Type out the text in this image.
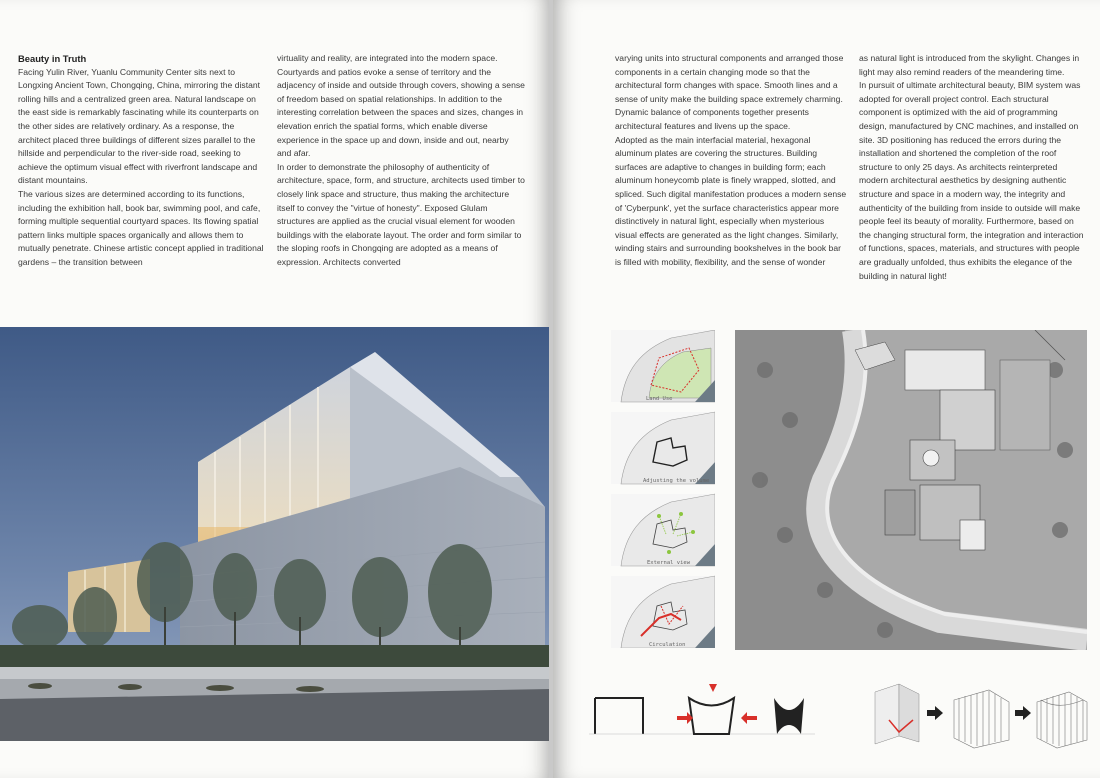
Beauty in Truth

Facing Yulin River, Yuanlu Community Center sits next to Longxing Ancient Town, Chongqing, China, mirroring the distant rolling hills and a centralized green area. Natural landscape on the east side is remarkably fascinating while its counterparts on the other sides are relatively ordinary. As a response, the architect placed three buildings of different sizes parallel to the hillside and perpendicular to the river-side road, seeking to achieve the optimum visual effect with riverfront landscape and distant mountains.

The various sizes are determined according to its functions, including the exhibition hall, book bar, swimming pool, and cafe, forming multiple sequential courtyard spaces. Its flowing spatial pattern links multiple spaces organically and allows them to mutually penetrate. Chinese artistic concept applied in traditional gardens – the transition between

virtuality and reality, are integrated into the modern space. Courtyards and patios evoke a sense of territory and the adjacency of inside and outside through covers, showing a sense of freedom based on spatial relationships. In addition to the interesting correlation between the spaces and sizes, changes in elevation enrich the spatial forms, which enable diverse experience in the space up and down, inside and out, nearby and afar.

In order to demonstrate the philosophy of authenticity of architecture, space, form, and structure, architects used timber to closely link space and structure, thus making the architecture itself to convey the "virtue of honesty". Exposed Glulam structures are applied as the crucial visual element for wooden buildings with the elaborate layout. The order and form similar to the sloping roofs in Chongqing are adopted as a means of expression. Architects converted

varying units into structural components and arranged those components in a certain changing mode so that the architectural form changes with space. Smooth lines and a sense of unity make the building space extremely charming. Dynamic balance of components together presents architectural features and livens up the space.

Adopted as the main interfacial material, hexagonal aluminum plates are covering the structures. Building surfaces are adaptive to changes in building form; each aluminum honeycomb plate is finely wrapped, slotted, and spliced. Such digital manifestation produces a modern sense of 'Cyberpunk', yet the surface characteristics appear more distinctively in natural light, especially when mysterious visual effects are generated as the light changes. Similarly, winding stairs and surrounding bookshelves in the book bar is filled with mobility, flexibility, and the sense of wonder

as natural light is introduced from the skylight. Changes in light may also remind readers of the meandering time.

In pursuit of ultimate architectural beauty, BIM system was adopted for overall project control. Each structural component is optimized with the aid of programming design, manufactured by CNC machines, and installed on site. 3D positioning has reduced the errors during the installation and shortened the completion of the roof structure to only 25 days. As architects reinterpreted modern architectural aesthetics by designing authentic structure and space in a modern way, the integrity and authenticity of the building from inside to outside will make people feel its beauty of morality. Furthermore, based on the changing structural form, the integration and interaction of functions, spaces, materials, and structures with people are gradually unfolded, thus exhibits the elegance of the building in natural light!

Land Use
Adjusting the volume
External view
Circulation
